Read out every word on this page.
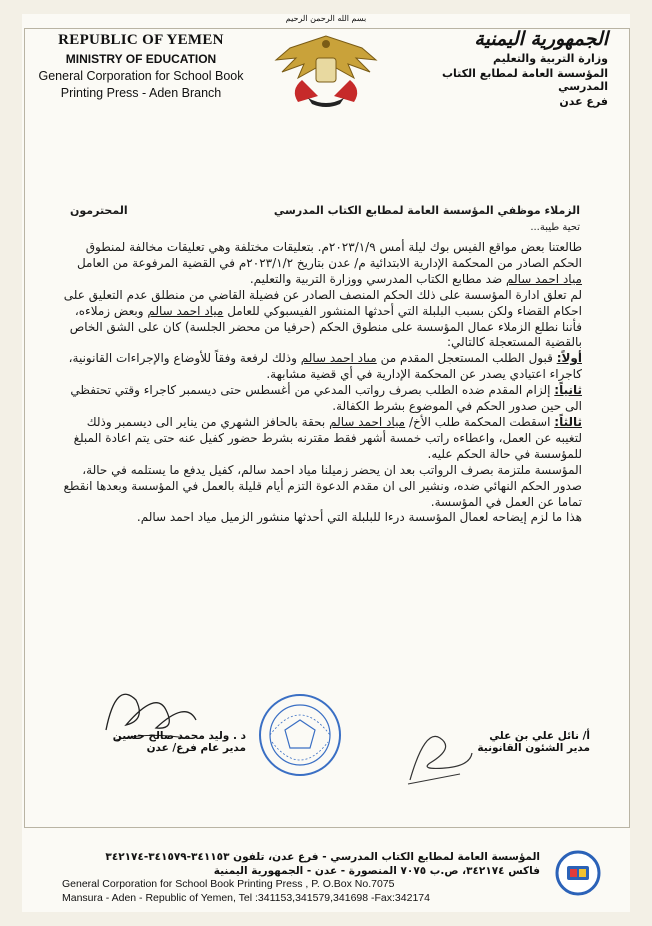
REPUBLIC OF YEMEN
MINISTRY OF EDUCATION
General Corporation for School Book
Printing Press - Aden Branch
بسم الله الرحمن الرحيم
الجمهورية اليمنية
وزارة التربية والتعليم
المؤسسة العامة لمطابع الكتاب المدرسي
فرع عدن
الزملاء موظفي المؤسسة العامة لمطابع الكتاب المدرسي
المحترمون
تحية طيبة...

طالعتنا بعض مواقع الفيس بوك ليلة أمس ٢٠٢٣/١/٩م. بتعليقات مختلفة وهي تعليقات مخالفة لمنطوق الحكم الصادر من المحكمة الإدارية الابتدائية م/ عدن بتاريخ ٢٠٢٣/١/٢م في القضية المرفوعة من العامل مياد احمد سالم ضد مطابع الكتاب المدرسي ووزارة التربية والتعليم.

لم تعلق ادارة المؤسسة على ذلك الحكم المنصف الصادر عن فضيلة القاضي من منطلق عدم التعليق على احكام القضاء ولكن بسبب البلبلة التي أحدثها المنشور الفيسبوكي للعامل مياد احمد سالم وبعض زملاءه، فأننا نطلع الزملاء عمال المؤسسة على منطوق الحكم (حرفيا من محضر الجلسة) كان على الشق الخاص بالقضية المستعجلة كالتالي:

أولاً: قبول الطلب المستعجل المقدم من مياد احمد سالم وذلك لرفعة وفقاً للأوضاع والإجراءات القانونية، كاجراء اعتيادي يصدر عن المحكمة الإدارية في أي قضية مشابهة.

ثانياً: إلزام المقدم ضده الطلب بصرف رواتب المدعي من أغسطس حتى ديسمبر كاجراء وقتي تحتفظي الى حين صدور الحكم في الموضوع بشرط الكفالة.

ثالثاً: اسقطت المحكمة طلب الأخ/ مياد احمد سالم بحقة بالحافز الشهري من يناير الى ديسمبر وذلك لتغيبه عن العمل، واعطاءه راتب خمسة أشهر فقط مقترنه بشرط حضور كفيل عنه حتى يتم اعادة المبلغ للمؤسسة في حالة الحكم عليه.

المؤسسة ملتزمة بصرف الرواتب بعد ان يحضر زميلنا مياد احمد سالم، كفيل يدفع ما يستلمه في حالة، صدور الحكم النهائي ضده، ونشير الى ان مقدم الدعوة التزم أيام قليلة بالعمل في المؤسسة وبعدها انقطع تماما عن العمل في المؤسسة.

هذا ما لزم إيضاحه لعمال المؤسسة درءا للبلبلة التي أحدثها منشور الزميل مياد احمد سالم.

د . وليد محمد صالح حسين
مدير عام فرع/ عدن
أ/ نائل علي بن علي
مدير الشئون القانونية
المؤسسة العامة لمطابع الكتاب المدرسي - فرع عدن، تلفون ٣٤١١٥٣-٣٤١٥٧٩-٣٤٢١٧٤
فاكس ٣٤٢١٧٤، ص.ب ٧٠٧٥ المنصورة - عدن - الجمهورية اليمنية
General Corporation for School Book Printing Press , P. O.Box No.7075
Mansura - Aden - Republic of Yemen, Tel :341153,341579,341698 -Fax:342174
